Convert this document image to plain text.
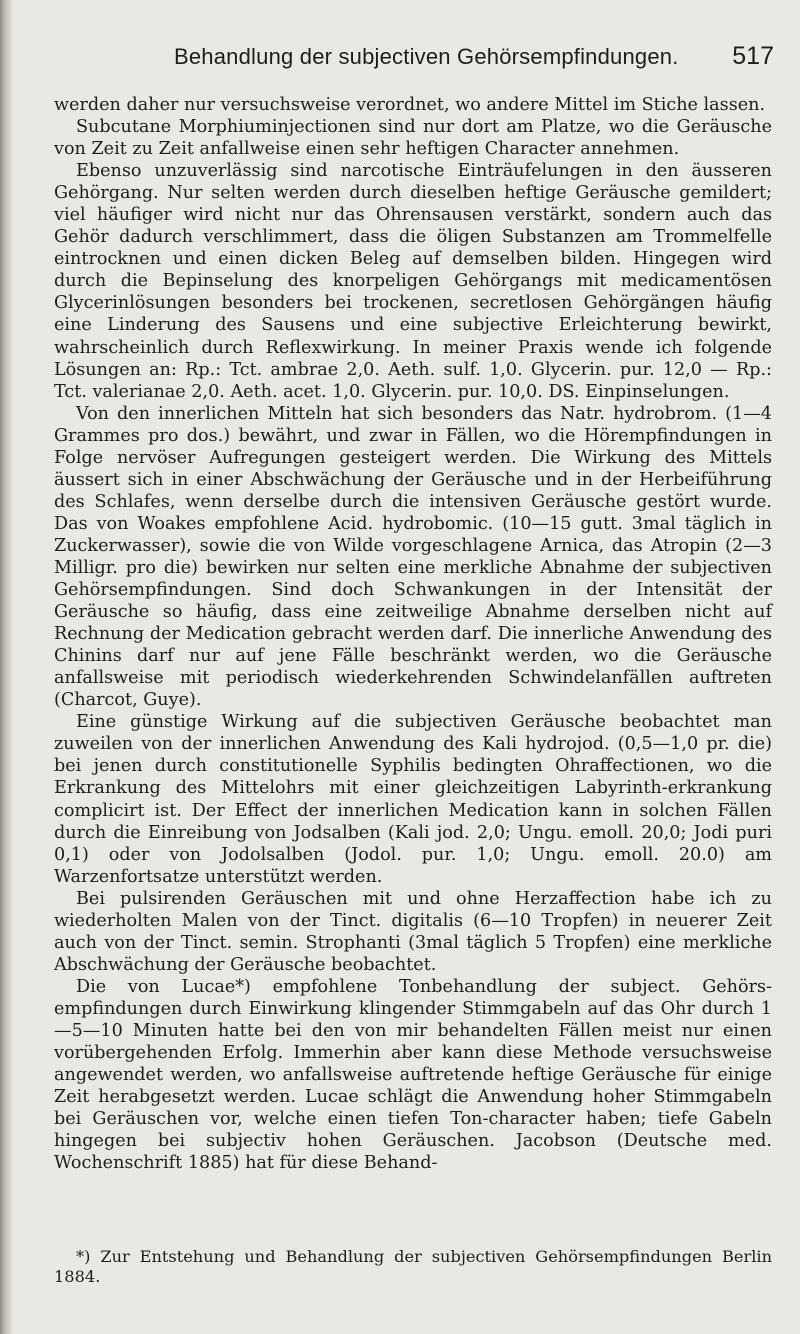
Behandlung der subjectiven Gehörsempfindungen. 517

werden daher nur versuchsweise verordnet, wo andere Mittel im Stiche lassen.

Subcutane Morphiuminjectionen sind nur dort am Platze, wo die Geräusche von Zeit zu Zeit anfallweise einen sehr heftigen Character annehmen.

Ebenso unzuverlässig sind narcotische Einträufelungen in den äusseren Gehörgang. Nur selten werden durch dieselben heftige Geräusche gemildert; viel häufiger wird nicht nur das Ohrensausen verstärkt, sondern auch das Gehör dadurch verschlimmert, dass die öligen Substanzen am Trommelfelle eintrocknen und einen dicken Beleg auf demselben bilden. Hingegen wird durch die Bepinselung des knorpeligen Gehörgangs mit medicamentösen Glycerinlösungen besonders bei trockenen, secretlosen Gehörgängen häufig eine Linderung des Sausens und eine subjective Erleichterung bewirkt, wahrscheinlich durch Reflexwirkung. In meiner Praxis wende ich folgende Lösungen an: Rp.: Tct. ambrae 2,0. Aeth. sulf. 1,0. Glycerin. pur. 12,0 — Rp.: Tct. valerianae 2,0. Aeth. acet. 1,0. Glycerin. pur. 10,0. DS. Einpinselungen.

Von den innerlichen Mitteln hat sich besonders das Natr. hydrobrom. (1—4 Grammes pro dos.) bewährt, und zwar in Fällen, wo die Hörempfindungen in Folge nervöser Aufregungen gesteigert werden. Die Wirkung des Mittels äussert sich in einer Abschwächung der Geräusche und in der Herbeiführung des Schlafes, wenn derselbe durch die intensiven Geräusche gestört wurde. Das von Woakes empfohlene Acid. hydrobomic. (10—15 gutt. 3mal täglich in Zuckerwasser), sowie die von Wilde vorgeschlagene Arnica, das Atropin (2—3 Milligr. pro die) bewirken nur selten eine merkliche Abnahme der subjectiven Gehörsempfindungen. Sind doch Schwankungen in der Intensität der Geräusche so häufig, dass eine zeitweilige Abnahme derselben nicht auf Rechnung der Medication gebracht werden darf. Die innerliche Anwendung des Chinins darf nur auf jene Fälle beschränkt werden, wo die Geräusche anfallsweise mit periodisch wiederkehrenden Schwindelanfällen auftreten (Charcot, Guye).

Eine günstige Wirkung auf die subjectiven Geräusche beobachtet man zuweilen von der innerlichen Anwendung des Kali hydrojod. (0,5—1,0 pr. die) bei jenen durch constitutionelle Syphilis bedingten Ohraffectionen, wo die Erkrankung des Mittelohrs mit einer gleichzeitigen Labyrinth-erkrankung complicirt ist. Der Effect der innerlichen Medication kann in solchen Fällen durch die Einreibung von Jodsalben (Kali jod. 2,0; Ungu. emoll. 20,0; Jodi puri 0,1) oder von Jodolsalben (Jodol. pur. 1,0; Ungu. emoll. 20.0) am Warzenfortsatze unterstützt werden.

Bei pulsirenden Geräuschen mit und ohne Herzaffection habe ich zu wiederholten Malen von der Tinct. digitalis (6—10 Tropfen) in neuerer Zeit auch von der Tinct. semin. Strophanti (3mal täglich 5 Tropfen) eine merkliche Abschwächung der Geräusche beobachtet.

Die von Lucae*) empfohlene Tonbehandlung der subject. Gehörs-empfindungen durch Einwirkung klingender Stimmgabeln auf das Ohr durch 1—5—10 Minuten hatte bei den von mir behandelten Fällen meist nur einen vorübergehenden Erfolg. Immerhin aber kann diese Methode versuchsweise angewendet werden, wo anfallsweise auftretende heftige Geräusche für einige Zeit herabgesetzt werden. Lucae schlägt die Anwendung hoher Stimmgabeln bei Geräuschen vor, welche einen tiefen Ton-character haben; tiefe Gabeln hingegen bei subjectiv hohen Geräuschen. Jacobson (Deutsche med. Wochenschrift 1885) hat für diese Behand-

*) Zur Entstehung und Behandlung der subjectiven Gehörsempfindungen Berlin 1884.
